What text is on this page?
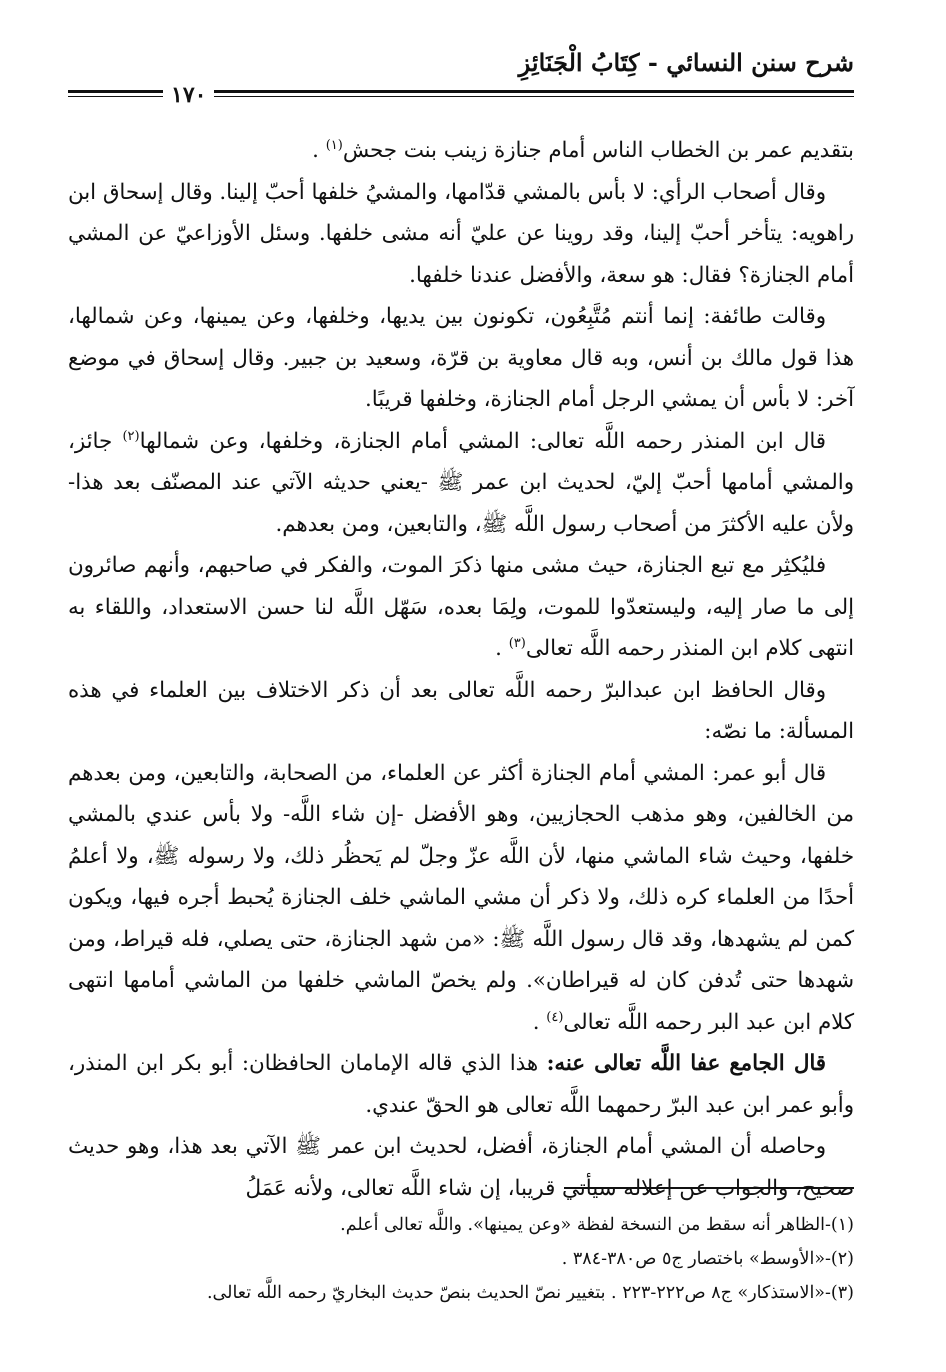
شرح سنن النسائي - كِتَابُ الْجَنَائِزِ
١٧٠

بتقديم عمر بن الخطاب الناس أمام جنازة زينب بنت جحش$^{(١)}$ .

وقال أصحاب الرأي: لا بأس بالمشي قدّامها، والمشيُ خلفها أحبّ إلينا. وقال إسحاق ابن راهويه: يتأخر أحبّ إلينا، وقد روينا عن عليّ أنه مشى خلفها. وسئل الأوزاعيّ عن المشي أمام الجنازة؟ فقال: هو سعة، والأفضل عندنا خلفها.

وقالت طائفة: إنما أنتم مُتَّبِعُون، تكونون بين يديها، وخلفها، وعن يمينها، وعن شمالها، هذا قول مالك بن أنس، وبه قال معاوية بن قرّة، وسعيد بن جبير. وقال إسحاق في موضع آخر: لا بأس أن يمشي الرجل أمام الجنازة، وخلفها قريبًا.

قال ابن المنذر رحمه اللَّه تعالى: المشي أمام الجنازة، وخلفها، وعن شمالها$^{(٢)}$ جائز، والمشي أمامها أحبّ إليّ، لحديث ابن عمر ﷺ -يعني حديثه الآتي عند المصنّف بعد هذا- ولأن عليه الأكثرَ من أصحاب رسول اللَّه ﷺ، والتابعين، ومن بعدهم.

فليُكثِر مع تبع الجنازة، حيث مشى منها ذكرَ الموت، والفكر في صاحبهم، وأنهم صائرون إلى ما صار إليه، وليستعدّوا للموت، ولِمَا بعده، سَهّل اللَّه لنا حسن الاستعداد، واللقاء به انتهى كلام ابن المنذر رحمه اللَّه تعالى$^{(٣)}$ .

وقال الحافظ ابن عبدالبرّ رحمه اللَّه تعالى بعد أن ذكر الاختلاف بين العلماء في هذه المسألة: ما نصّه:

قال أبو عمر: المشي أمام الجنازة أكثر عن العلماء، من الصحابة، والتابعين، ومن بعدهم من الخالفين، وهو مذهب الحجازيين، وهو الأفضل -إن شاء اللَّه- ولا بأس عندي بالمشي خلفها، وحيث شاء الماشي منها، لأن اللَّه عزّ وجلّ لم يَحظُر ذلك، ولا رسوله ﷺ، ولا أعلمُ أحدًا من العلماء كره ذلك، ولا ذكر أن مشي الماشي خلف الجنازة يُحبط أجره فيها، ويكون كمن لم يشهدها، وقد قال رسول اللَّه ﷺ: «من شهد الجنازة، حتى يصلي، فله قيراط، ومن شهدها حتى تُدفن كان له قيراطان». ولم يخصّ الماشي خلفها من الماشي أمامها انتهى كلام ابن عبد البر رحمه اللَّه تعالى$^{(٤)}$ .

قال الجامع عفا اللَّه تعالى عنه: هذا الذي قاله الإمامان الحافظان: أبو بكر ابن المنذر، وأبو عمر ابن عبد البرّ رحمهما اللَّه تعالى هو الحقّ عندي.

وحاصله أن المشي أمام الجنازة، أفضل، لحديث ابن عمر ﷺ الآتي بعد هذا، وهو حديث صحيح، والجواب عن إعلاله سيأتي قريبا، إن شاء اللَّه تعالى، ولأنه عَمَلُ

(١)-الظاهر أنه سقط من النسخة لفظة «وعن يمينها». واللَّه تعالى أعلم.

(٢)-«الأوسط» باختصار ج٥ ص٣٨٠-٣٨٤ .

(٣)-«الاستذكار» ج٨ ص٢٢٢-٢٢٣ . بتغيير نصّ الحديث بنصّ حديث البخاريّ رحمه اللَّه تعالى.
